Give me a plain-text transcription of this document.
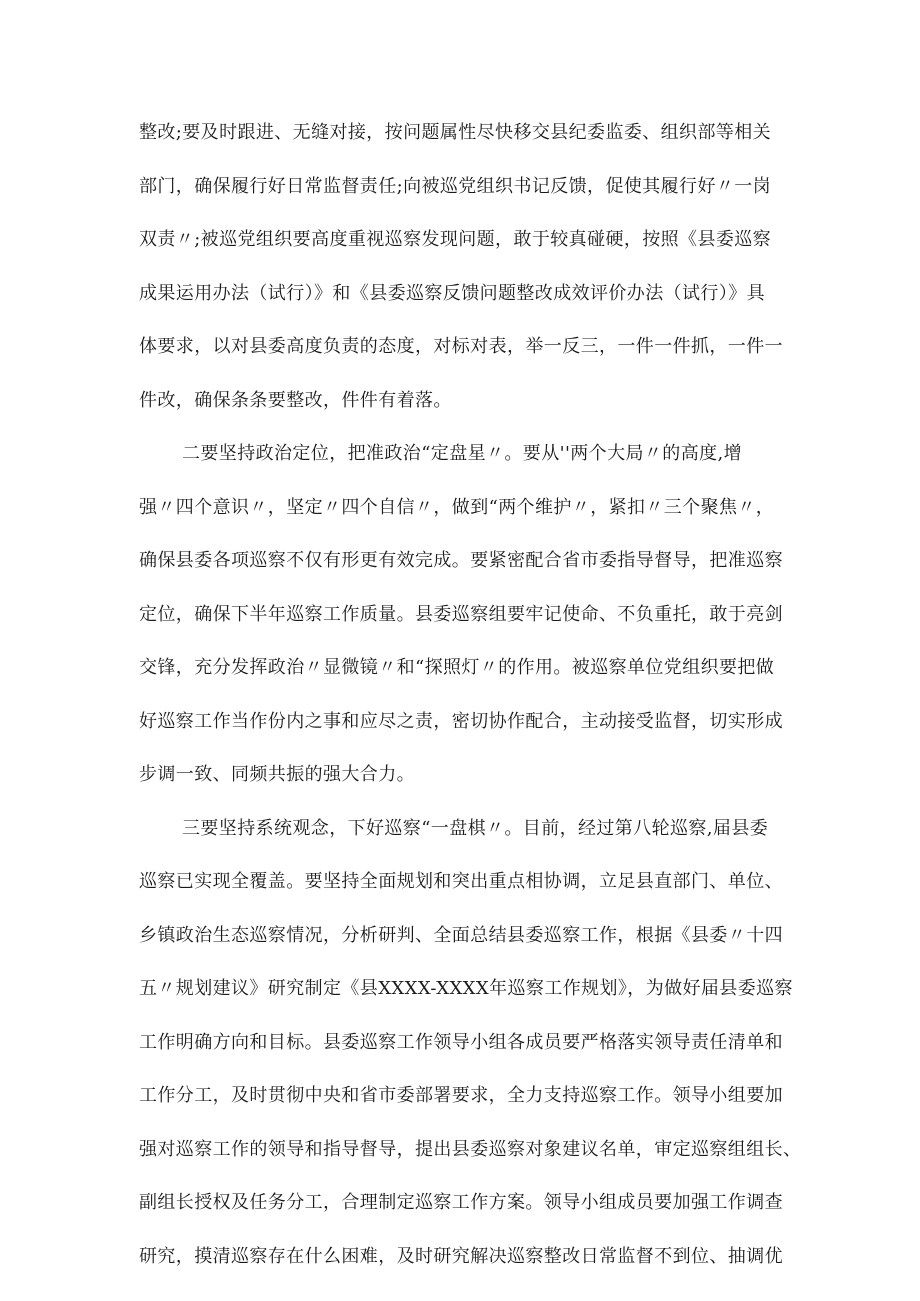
整改;要及时跟进、无缝对接，按问题属性尽快移交县纪委监委、组织部等相关
部门，确保履行好日常监督责任;向被巡党组织书记反馈，促使其履行好〃一岗
双责〃;被巡党组织要高度重视巡察发现问题，敢于较真碰硬，按照《县委巡察
成果运用办法（试行）》和《县委巡察反馈问题整改成效评价办法（试行）》具
体要求，以对县委高度负责的态度，对标对表，举一反三，一件一件抓，一件一
件改，确保条条要整改，件件有着落。
二要坚持政治定位，把准政治“定盘星〃。要从''两个大局〃的高度,增
强〃四个意识〃，坚定〃四个自信〃，做到“两个维护〃，紧扣〃三个聚焦〃，
确保县委各项巡察不仅有形更有效完成。要紧密配合省市委指导督导，把准巡察
定位，确保下半年巡察工作质量。县委巡察组要牢记使命、不负重托，敢于亮剑
交锋，充分发挥政治〃显微镜〃和“探照灯〃的作用。被巡察单位党组织要把做
好巡察工作当作份内之事和应尽之责，密切协作配合，主动接受监督，切实形成
步调一致、同频共振的强大合力。
三要坚持系统观念，下好巡察“一盘棋〃。目前，经过第八轮巡察,届县委
巡察已实现全覆盖。要坚持全面规划和突出重点相协调，立足县直部门、单位、
乡镇政治生态巡察情况，分析研判、全面总结县委巡察工作，根据《县委〃十四
五〃规划建议》研究制定《县XXXX-XXXX年巡察工作规划》，为做好届县委巡察
工作明确方向和目标。县委巡察工作领导小组各成员要严格落实领导责任清单和
工作分工，及时贯彻中央和省市委部署要求，全力支持巡察工作。领导小组要加
强对巡察工作的领导和指导督导，提出县委巡察对象建议名单，审定巡察组组长、
副组长授权及任务分工，合理制定巡察工作方案。领导小组成员要加强工作调查
研究，摸清巡察存在什么困难，及时研究解决巡察整改日常监督不到位、抽调优
